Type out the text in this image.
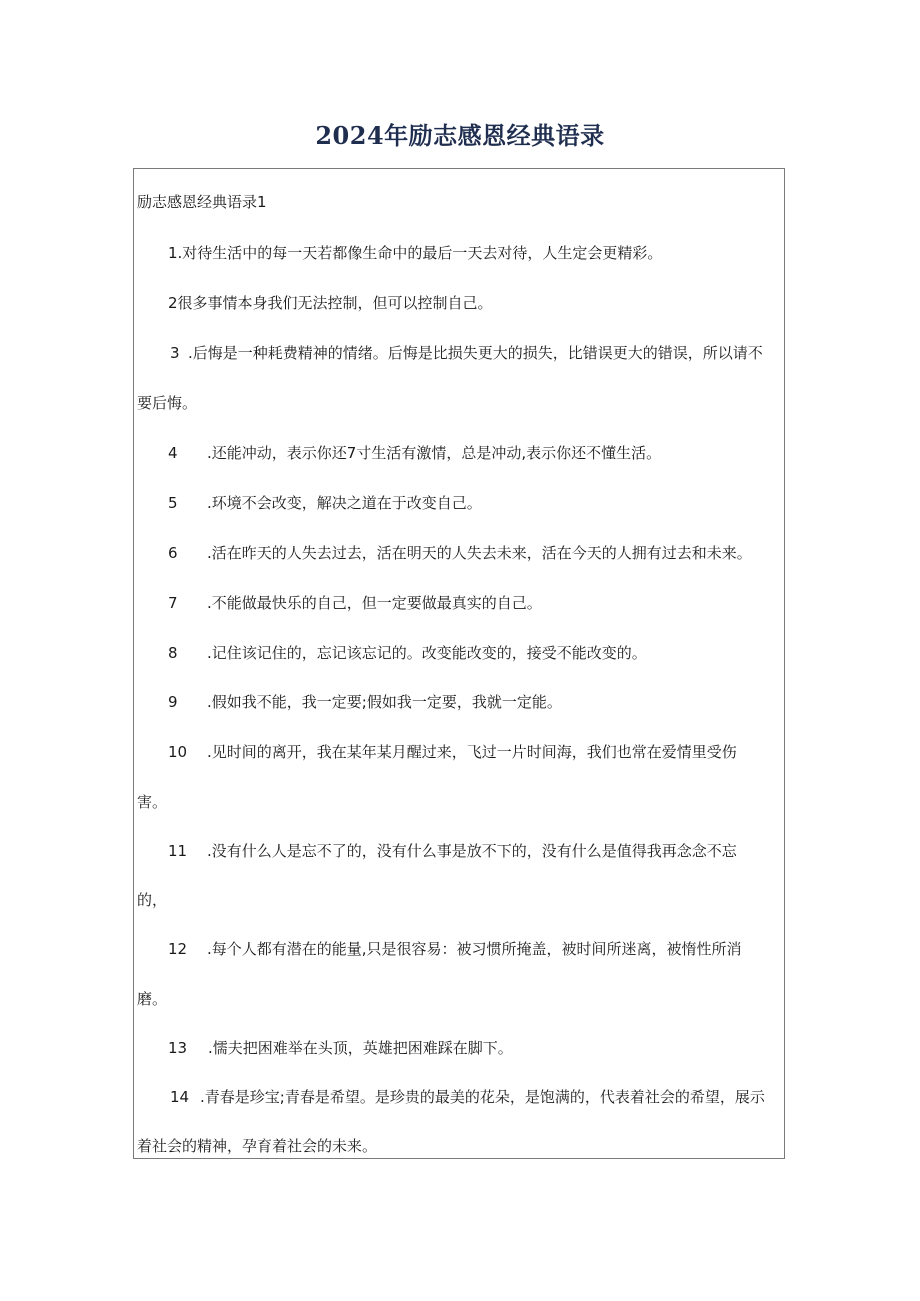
2024年励志感恩经典语录
励志感恩经典语录1
1.对待生活中的每一天若都像生命中的最后一天去对待，人生定会更精彩。
2很多事情本身我们无法控制，但可以控制自己。
3 .后悔是一种耗费精神的情绪。后悔是比损失更大的损失，比错误更大的错误，所以请不
要后悔。
4 .还能冲动，表示你还7寸生活有激情，总是冲动,表示你还不懂生活。
5 .环境不会改变，解决之道在于改变自己。
6 .活在昨天的人失去过去，活在明天的人失去未来，活在今天的人拥有过去和未来。
7 .不能做最快乐的自己，但一定要做最真实的自己。
8 .记住该记住的，忘记该忘记的。改变能改变的，接受不能改变的。
9 .假如我不能，我一定要;假如我一定要，我就一定能。
10 .见时间的离开，我在某年某月醒过来，飞过一片时间海，我们也常在爱情里受伤
害。
11 .没有什么人是忘不了的，没有什么事是放不下的，没有什么是值得我再念念不忘
的，
12 .每个人都有潜在的能量,只是很容易：被习惯所掩盖，被时间所迷离，被惰性所消
磨。
13 .懦夫把困难举在头顶，英雄把困难踩在脚下。
14 .青春是珍宝;青春是希望。是珍贵的最美的花朵，是饱满的，代表着社会的希望，展示
着社会的精神，孕育着社会的未来。
